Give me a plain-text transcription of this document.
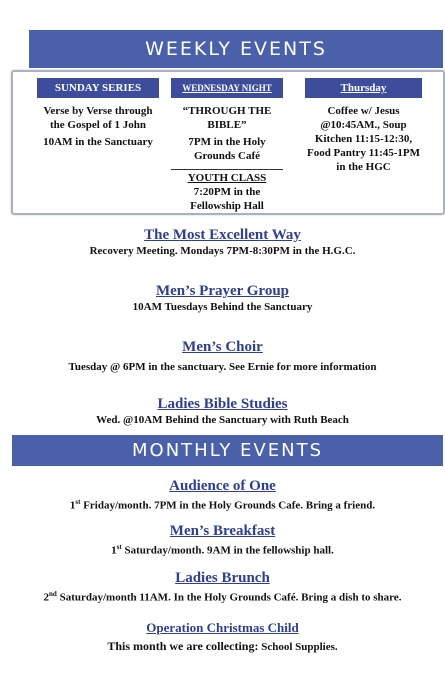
WEEKLY EVENTS
SUNDAY SERIES

Verse by Verse through the Gospel of 1 John

10AM in the Sanctuary

WEDNESDAY NIGHT

“THROUGH THE BIBLE”

7PM in the Holy Grounds Café

YOUTH CLASS

7:20PM in the Fellowship Hall

Thursday

Coffee w/ Jesus @10:45AM., Soup Kitchen 11:15-12:30, Food Pantry 11:45-1PM in the HGC

The Most Excellent Way
Recovery Meeting. Mondays 7PM-8:30PM in the H.G.C.
Men’s Prayer Group
10AM Tuesdays Behind the Sanctuary
Men’s Choir
Tuesday @ 6PM in the sanctuary. See Ernie for more information
Ladies Bible Studies
Wed. @10AM Behind the Sanctuary with Ruth Beach
MONTHLY EVENTS
Audience of One
1st Friday/month. 7PM in the Holy Grounds Cafe. Bring a friend.
Men’s Breakfast
1st Saturday/month. 9AM in the fellowship hall.
Ladies Brunch
2nd Saturday/month 11AM. In the Holy Grounds Café. Bring a dish to share.
Operation Christmas Child
This month we are collecting: School Supplies.
